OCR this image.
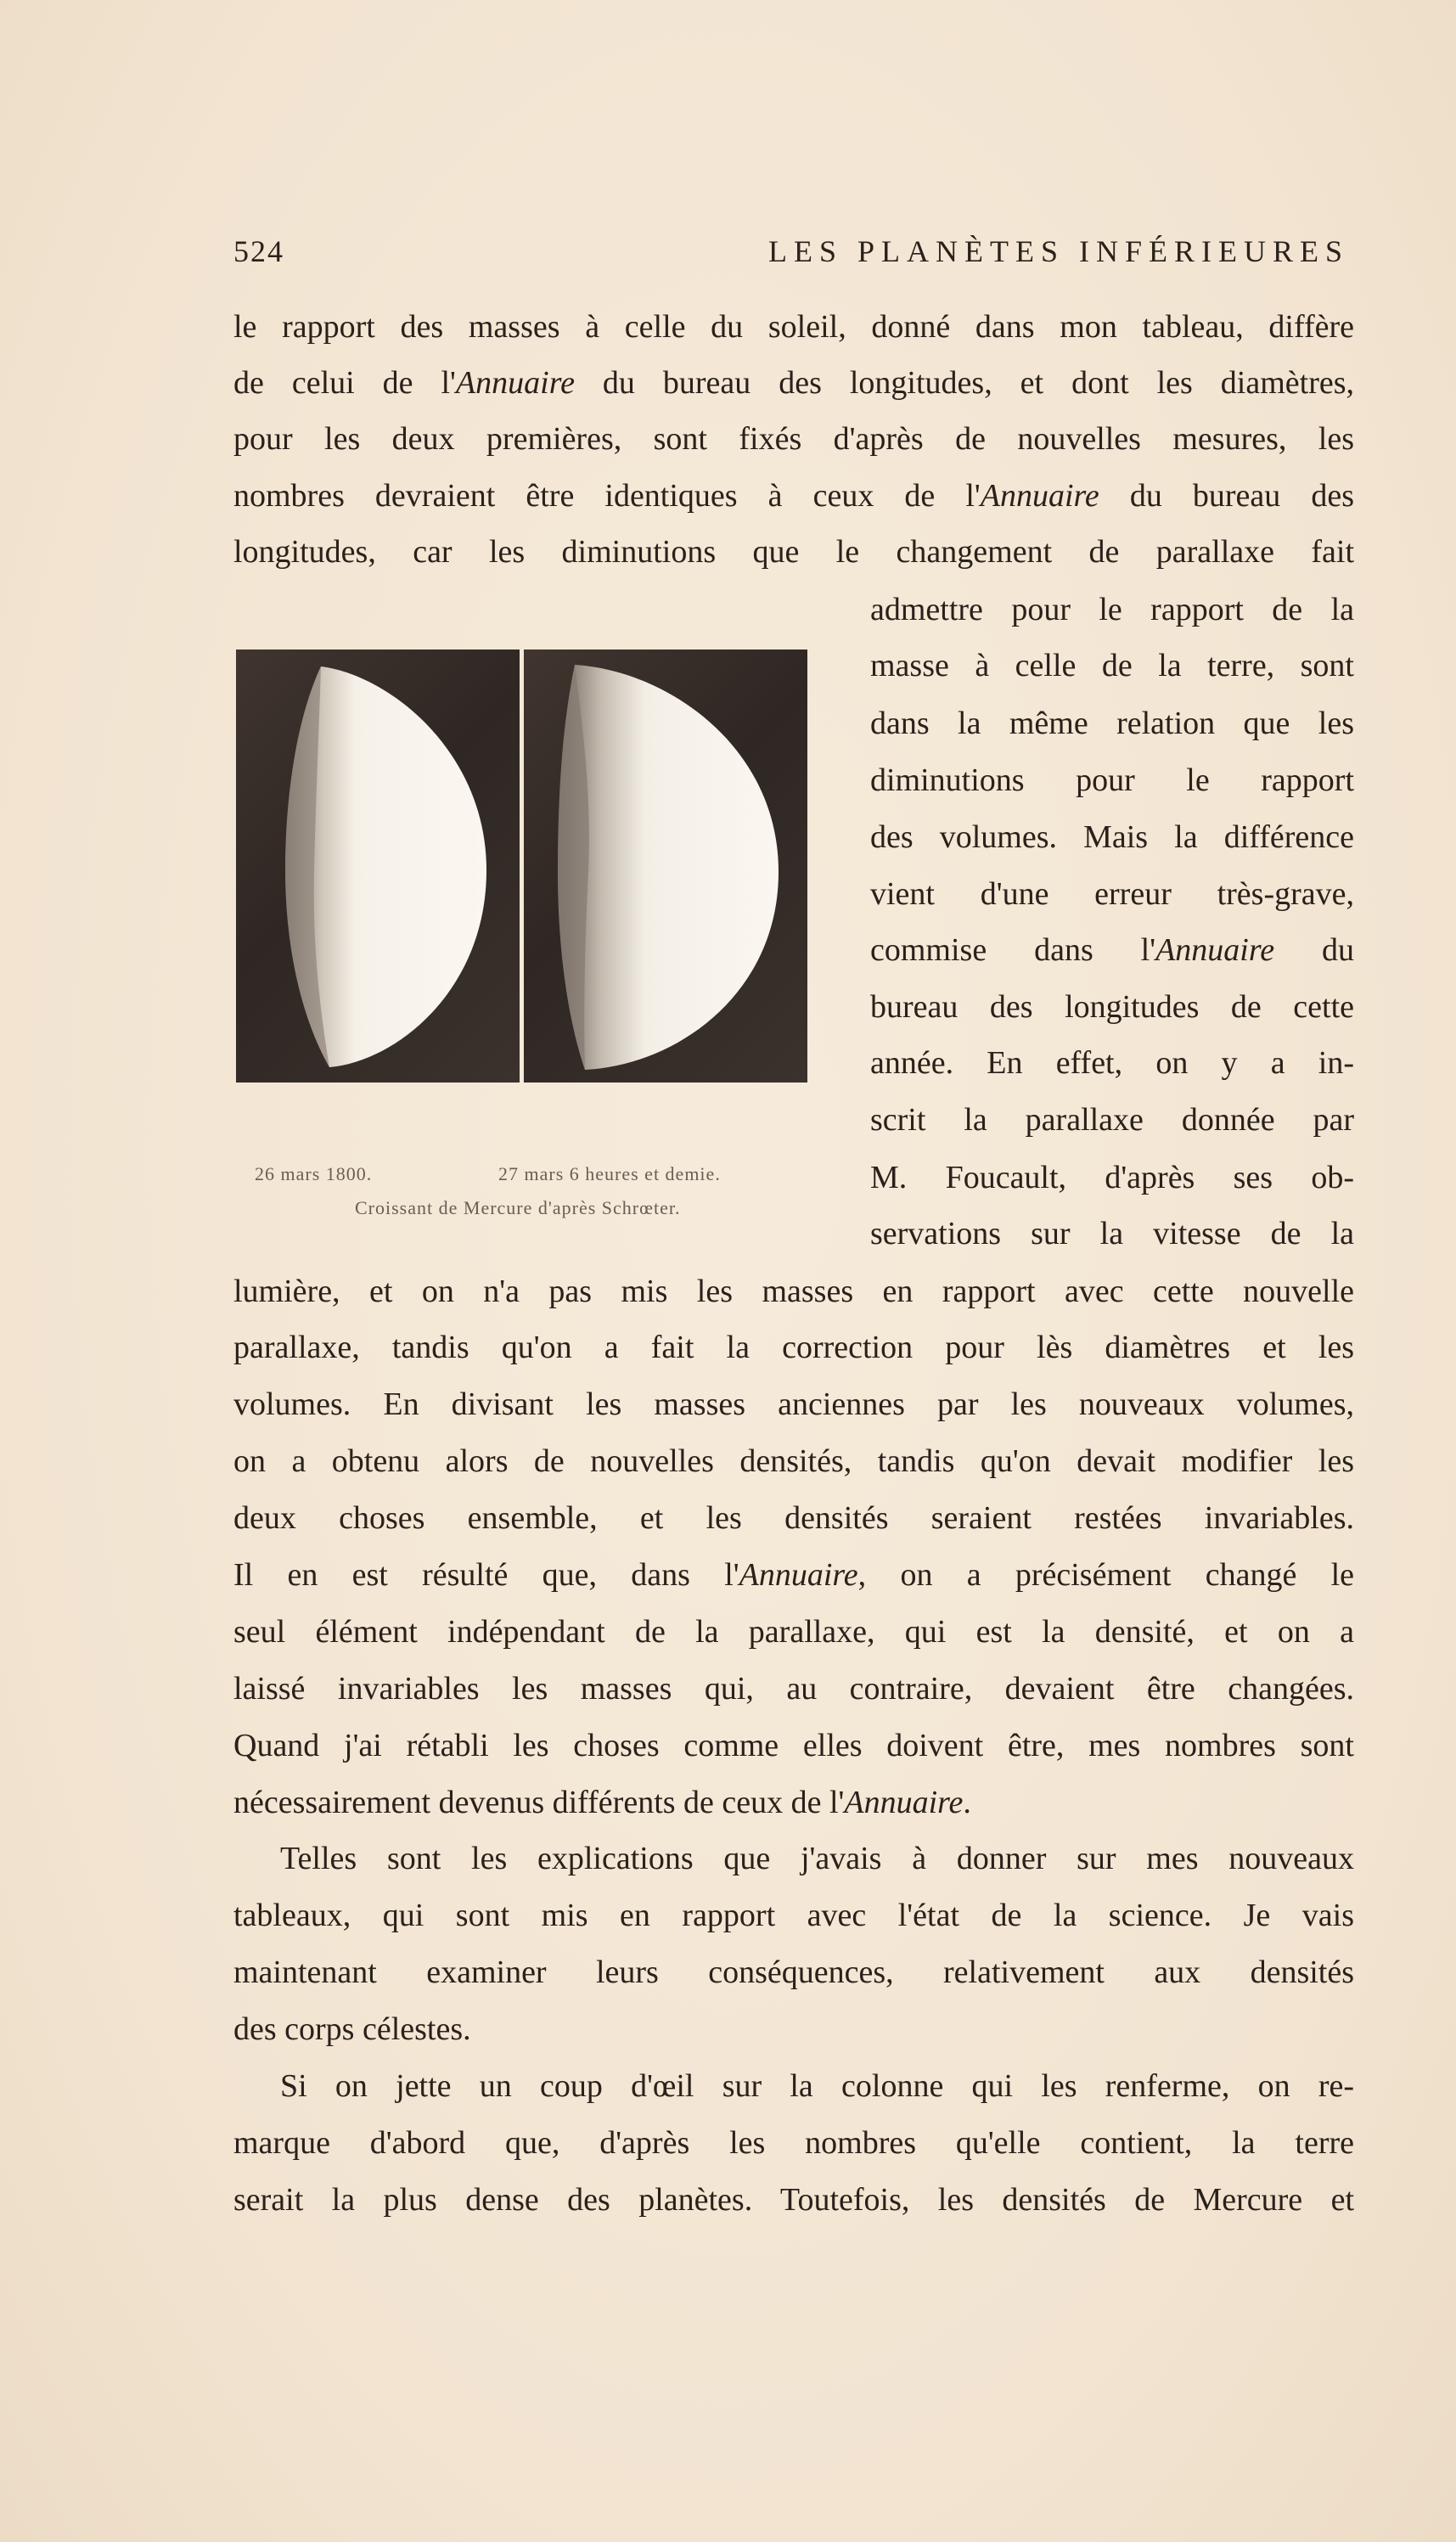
524	LES PLANÈTES INFÉRIEURES
le rapport des masses à celle du soleil, donné dans mon tableau, diffère
de celui de l'Annuaire du bureau des longitudes, et dont les diamètres,
pour les deux premières, sont fixés d'après de nouvelles mesures, les
nombres devraient être identiques à ceux de l'Annuaire du bureau des
longitudes, car les diminutions que le changement de parallaxe fait
admettre pour le rapport de la
masse à celle de la terre, sont
dans la même relation que les
diminutions pour le rapport
des volumes. Mais la différence
vient d'une erreur très-grave,
commise dans l'Annuaire du
bureau des longitudes de cette
année. En effet, on y a in-
scrit la parallaxe donnée par
M. Foucault, d'après ses ob-
servations sur la vitesse de la
26 mars 1800.	27 mars 6 heures et demie.
Croissant de Mercure d'après Schrœter.
lumière, et on n'a pas mis les masses en rapport avec cette nouvelle
parallaxe, tandis qu'on a fait la correction pour lès diamètres et les
volumes. En divisant les masses anciennes par les nouveaux volumes,
on a obtenu alors de nouvelles densités, tandis qu'on devait modifier les
deux choses ensemble, et les densités seraient restées invariables.
Il en est résulté que, dans l'Annuaire, on a précisément changé le
seul élément indépendant de la parallaxe, qui est la densité, et on a
laissé invariables les masses qui, au contraire, devaient être changées.
Quand j'ai rétabli les choses comme elles doivent être, mes nombres sont
nécessairement devenus différents de ceux de l'Annuaire.
Telles sont les explications que j'avais à donner sur mes nouveaux
tableaux, qui sont mis en rapport avec l'état de la science. Je vais
maintenant examiner leurs conséquences, relativement aux densités
des corps célestes.
Si on jette un coup d'œil sur la colonne qui les renferme, on re-
marque d'abord que, d'après les nombres qu'elle contient, la terre
serait la plus dense des planètes. Toutefois, les densités de Mercure et
